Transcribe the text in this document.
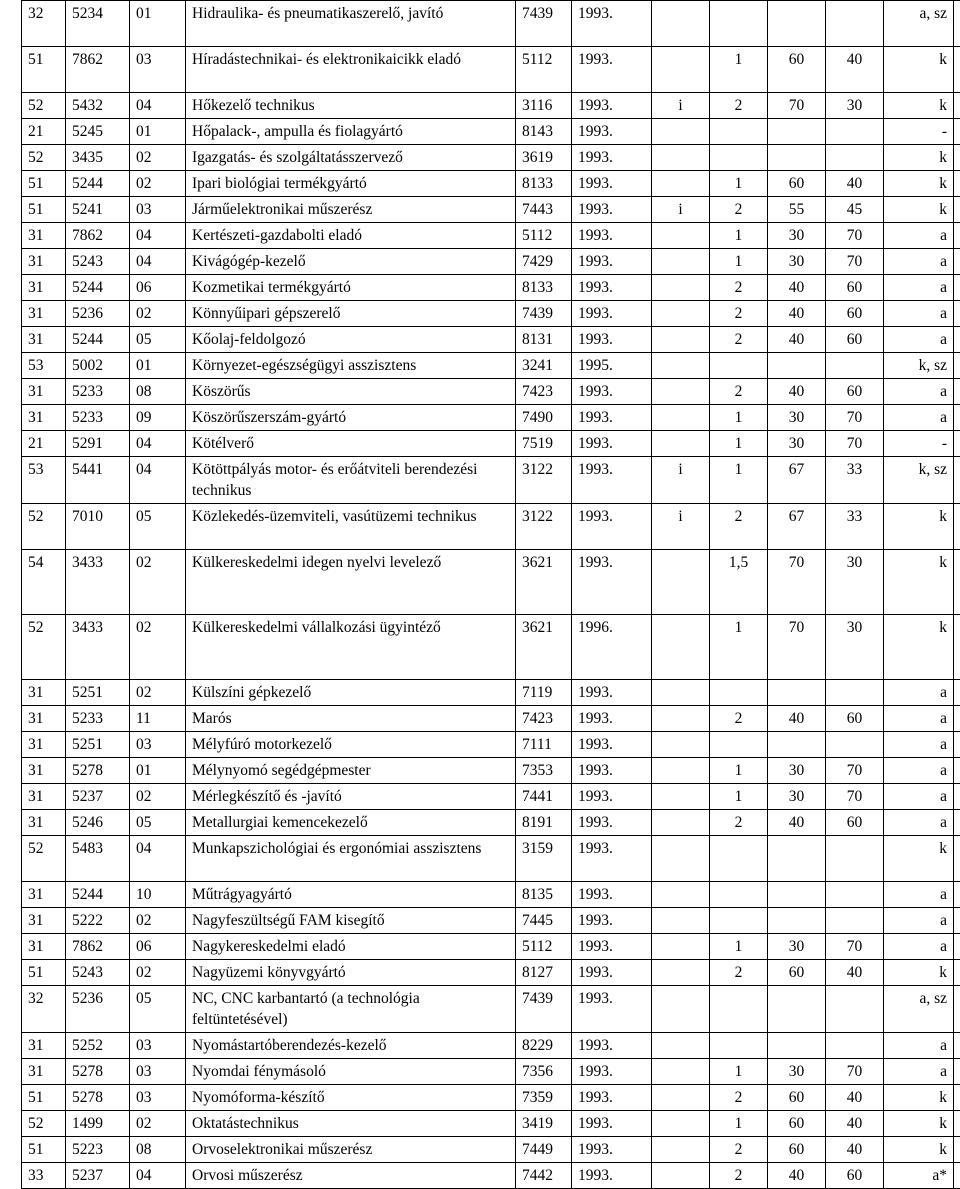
32	5234	01	Hidraulika- és pneumatikaszerelő, javító	7439	1993.					a, sz	
51	7862	03	Híradástechnikai- és elektronikaicikk eladó	5112	1993.		1	60	40	k	
52	5432	04	Hőkezelő technikus	3116	1993.	i	2	70	30	k	
21	5245	01	Hőpalack-, ampulla és fiolagyártó	8143	1993.					-	
52	3435	02	Igazgatás- és szolgáltatásszervező	3619	1993.					k	
51	5244	02	Ipari biológiai termékgyártó	8133	1993.		1	60	40	k	
51	5241	03	Járműelektronikai műszerész	7443	1993.	i	2	55	45	k	
31	7862	04	Kertészeti-gazdabolti eladó	5112	1993.		1	30	70	a	
31	5243	04	Kivágógép-kezelő	7429	1993.		1	30	70	a	
31	5244	06	Kozmetikai termékgyártó	8133	1993.		2	40	60	a	
31	5236	02	Könnyűipari gépszerelő	7439	1993.		2	40	60	a	
31	5244	05	Kőolaj-feldolgozó	8131	1993.		2	40	60	a	
53	5002	01	Környezet-egészségügyi asszisztens	3241	1995.					k, sz	
31	5233	08	Köszörűs	7423	1993.		2	40	60	a	
31	5233	09	Köszörűszerszám-gyártó	7490	1993.		1	30	70	a	
21	5291	04	Kötélverő	7519	1993.		1	30	70	-	
53	5441	04	Kötöttpályás motor- és erőátviteli berendezési technikus	3122	1993.	i	1	67	33	k, sz	
52	7010	05	Közlekedés-üzemviteli, vasútüzemi technikus	3122	1993.	i	2	67	33	k	
54	3433	02	Külkereskedelmi idegen nyelvi levelező	3621	1993.		1,5	70	30	k	
52	3433	02	Külkereskedelmi vállalkozási ügyintéző	3621	1996.		1	70	30	k	
31	5251	02	Külszíni gépkezelő	7119	1993.					a	
31	5233	11	Marós	7423	1993.		2	40	60	a	
31	5251	03	Mélyfúró motorkezelő	7111	1993.					a	
31	5278	01	Mélynyomó segédgépmester	7353	1993.		1	30	70	a	
31	5237	02	Mérlegkészítő és -javító	7441	1993.		1	30	70	a	
31	5246	05	Metallurgiai kemencekezelő	8191	1993.		2	40	60	a	
52	5483	04	Munkapszichológiai és ergonómiai asszisztens	3159	1993.					k	
31	5244	10	Műtrágyagyártó	8135	1993.					a	
31	5222	02	Nagyfeszültségű FAM kisegítő	7445	1993.					a	
31	7862	06	Nagykereskedelmi eladó	5112	1993.		1	30	70	a	
51	5243	02	Nagyüzemi könyvgyártó	8127	1993.		2	60	40	k	
32	5236	05	NC, CNC karbantartó (a technológia feltüntetésével)	7439	1993.					a, sz	
31	5252	03	Nyomástartóberendezés-kezelő	8229	1993.					a	
31	5278	03	Nyomdai fénymásoló	7356	1993.		1	30	70	a	
51	5278	03	Nyomóforma-készítő	7359	1993.		2	60	40	k	
52	1499	02	Oktatástechnikus	3419	1993.		1	60	40	k	
51	5223	08	Orvoselektronikai műszerész	7449	1993.		2	60	40	k	
33	5237	04	Orvosi műszerész	7442	1993.		2	40	60	a*	
